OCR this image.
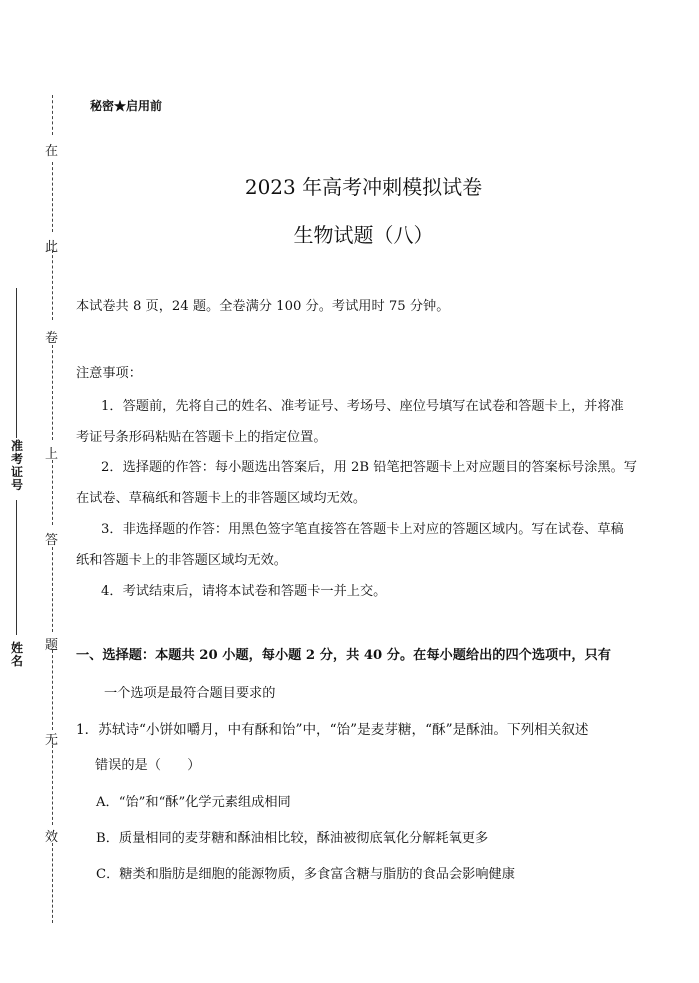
在
此
卷
上
答
题
无
效
准
考
证
号
姓
名
秘密★启用前
2023 年高考冲刺模拟试卷
生物试题（八）
本试卷共 8 页，24 题。全卷满分 100 分。考试用时 75 分钟。
注意事项：
1．答题前，先将自己的姓名、准考证号、考场号、座位号填写在试卷和答题卡上，并将准
考证号条形码粘贴在答题卡上的指定位置。
2．选择题的作答：每小题选出答案后，用 2B 铅笔把答题卡上对应题目的答案标号涂黑。写
在试卷、草稿纸和答题卡上的非答题区域均无效。
3．非选择题的作答：用黑色签字笔直接答在答题卡上对应的答题区域内。写在试卷、草稿
纸和答题卡上的非答题区域均无效。
4．考试结束后，请将本试卷和答题卡一并上交。
一、选择题：本题共 20 小题，每小题 2 分，共 40 分。在每小题给出的四个选项中，只有
一个选项是最符合题目要求的
1．苏轼诗“小饼如嚼月，中有酥和饴”中，“饴”是麦芽糖，“酥”是酥油。下列相关叙述
错误的是（　　）
A．“饴”和“酥”化学元素组成相同
B．质量相同的麦芽糖和酥油相比较，酥油被彻底氧化分解耗氧更多
C．糖类和脂肪是细胞的能源物质，多食富含糖与脂肪的食品会影响健康
